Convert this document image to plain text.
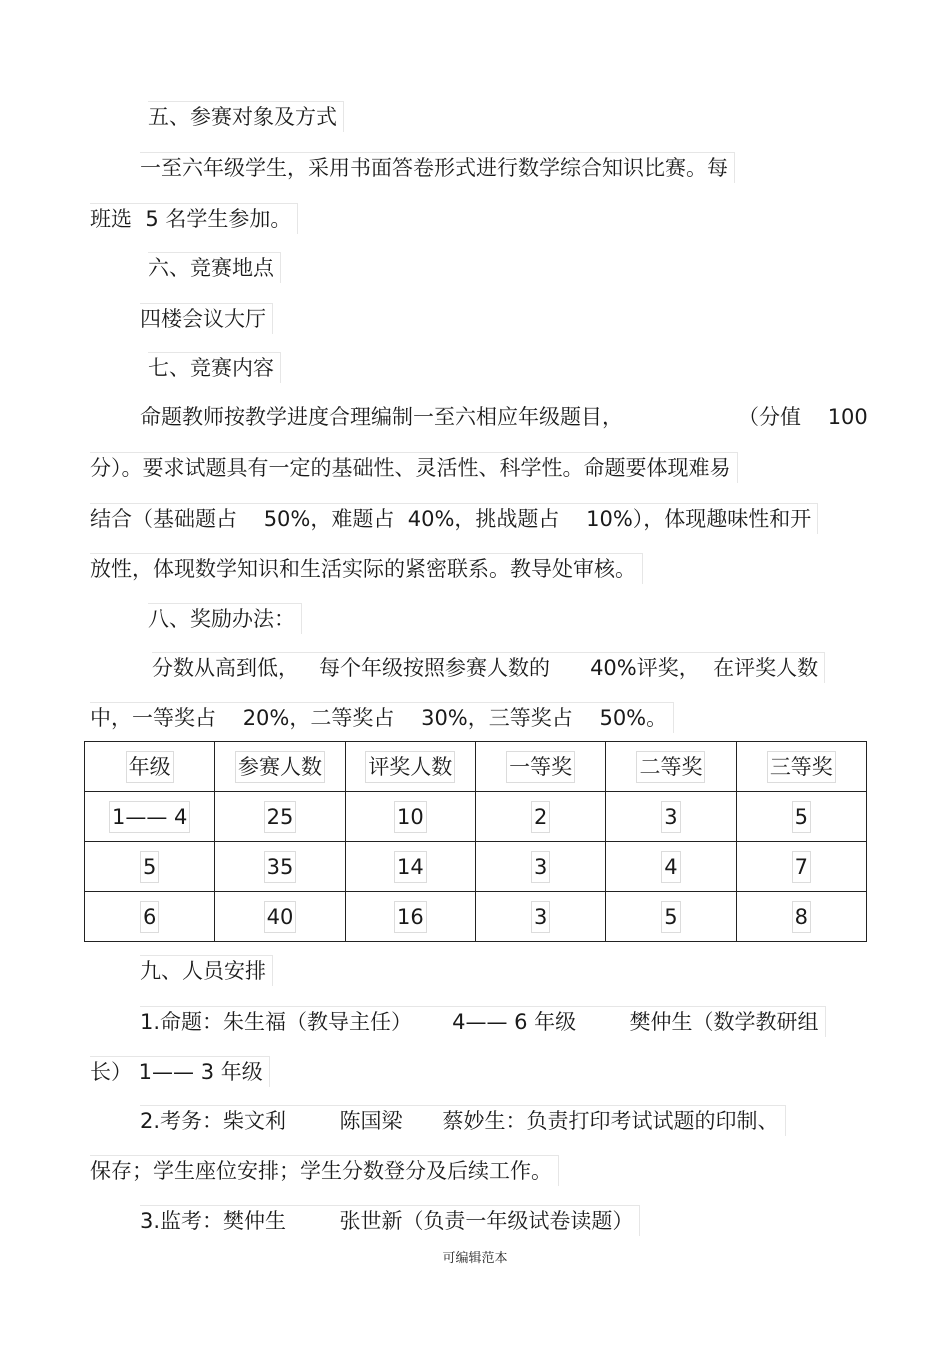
五、参赛对象及方式
一至六年级学生，采用书面答卷形式进行数学综合知识比赛。每
班选  5 名学生参加。
六、竞赛地点
四楼会议大厅
七、竞赛内容
命题教师按教学进度合理编制一至六相应年级题目，	（分值    100
分）。要求试题具有一定的基础性、灵活性、科学性。命题要体现难易
结合（基础题占    50%，难题占  40%，挑战题占    10%），体现趣味性和开
放性，体现数学知识和生活实际的紧密联系。教导处审核。
八、奖励办法：
分数从高到低，   每个年级按照参赛人数的      40%评奖，  在评奖人数
中，一等奖占    20%，二等奖占    30%，三等奖占    50%。
年级	参赛人数	评奖人数	一等奖	二等奖	三等奖
1—— 4	25	10	2	3	5
5	35	14	3	4	7
6	40	16	3	5	8
九、人员安排
1.命题：朱生福（教导主任）      4—— 6 年级        樊仲生（数学教研组
长） 1—— 3 年级
2.考务：柴文利        陈国梁      蔡妙生：负责打印考试试题的印制、
保存；学生座位安排；学生分数登分及后续工作。
3.监考：樊仲生        张世新（负责一年级试卷读题）
可编辑范本
